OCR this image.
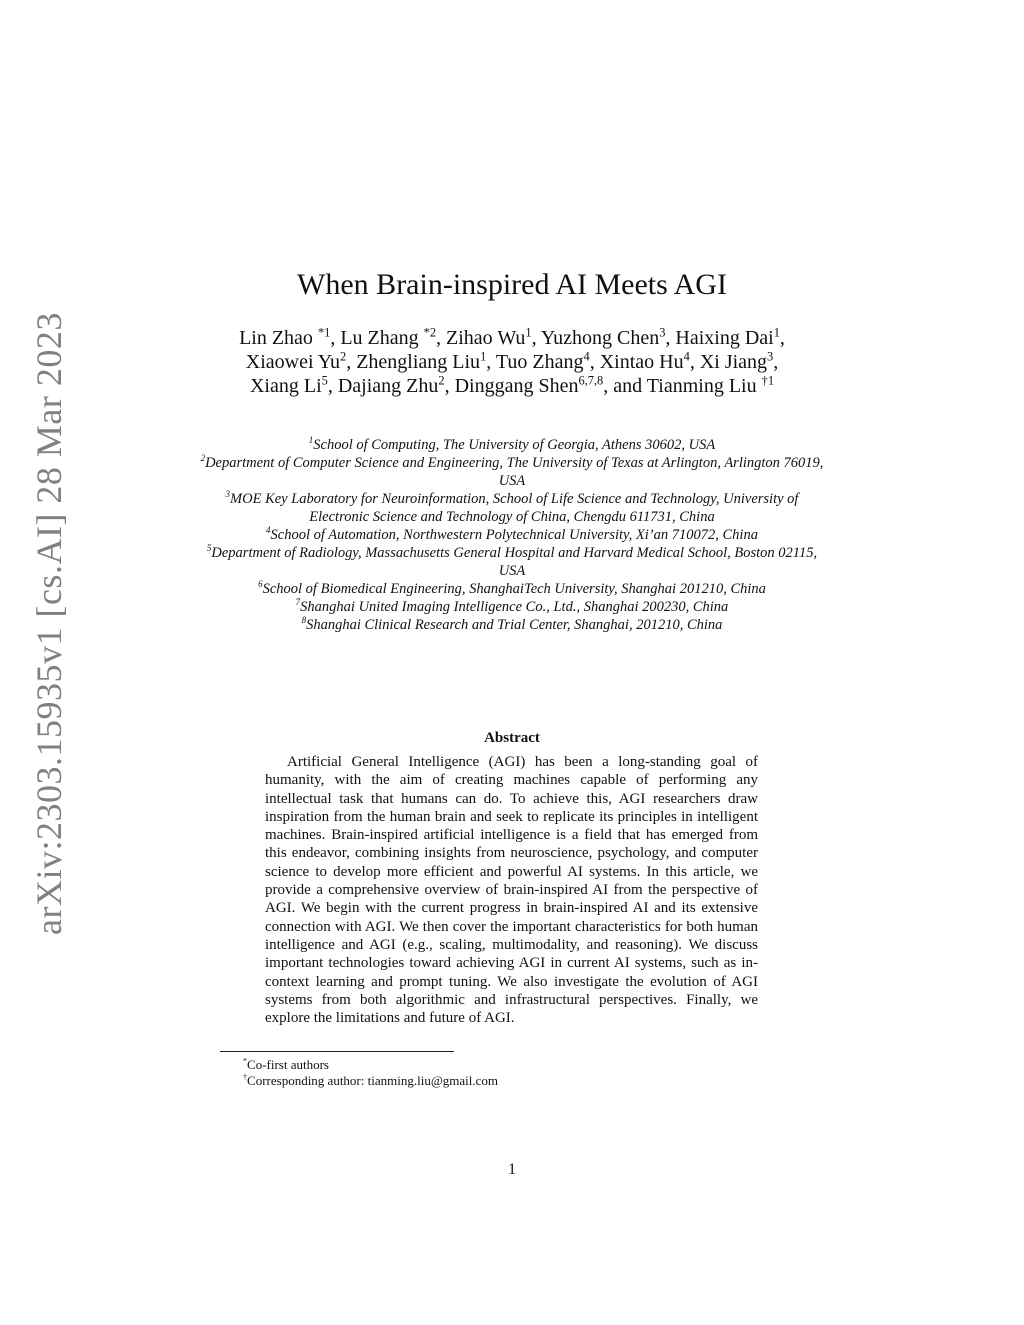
arXiv:2303.15935v1 [cs.AI] 28 Mar 2023
When Brain-inspired AI Meets AGI
Lin Zhao $^{*1}$, Lu Zhang $^{*2}$, Zihao Wu$^1$, Yuzhong Chen$^3$, Haixing Dai$^1$, Xiaowei Yu$^2$, Zhengliang Liu$^1$, Tuo Zhang$^4$, Xintao Hu$^4$, Xi Jiang$^3$, Xiang Li$^5$, Dajiang Zhu$^2$, Dinggang Shen$^{6,7,8}$, and Tianming Liu $^{\dagger 1}$
$^1$School of Computing, The University of Georgia, Athens 30602, USA
$^2$Department of Computer Science and Engineering, The University of Texas at Arlington, Arlington 76019, USA
$^3$MOE Key Laboratory for Neuroinformation, School of Life Science and Technology, University of Electronic Science and Technology of China, Chengdu 611731, China
$^4$School of Automation, Northwestern Polytechnical University, Xi’an 710072, China
$^5$Department of Radiology, Massachusetts General Hospital and Harvard Medical School, Boston 02115, USA
$^6$School of Biomedical Engineering, ShanghaiTech University, Shanghai 201210, China
$^7$Shanghai United Imaging Intelligence Co., Ltd., Shanghai 200230, China
$^8$Shanghai Clinical Research and Trial Center, Shanghai, 201210, China
Abstract
Artificial General Intelligence (AGI) has been a long-standing goal of humanity, with the aim of creating machines capable of performing any intellectual task that humans can do. To achieve this, AGI researchers draw inspiration from the human brain and seek to replicate its principles in intelligent machines. Brain-inspired artificial intelligence is a field that has emerged from this endeavor, combining insights from neuroscience, psychology, and computer science to develop more efficient and powerful AI systems. In this article, we provide a comprehensive overview of brain-inspired AI from the perspective of AGI. We begin with the current progress in brain-inspired AI and its extensive connection with AGI. We then cover the important characteristics for both human intelligence and AGI (e.g., scaling, multimodality, and reasoning). We discuss important technologies toward achieving AGI in current AI systems, such as in-context learning and prompt tuning. We also investigate the evolution of AGI systems from both algorithmic and infrastructural perspectives. Finally, we explore the limitations and future of AGI.
*Co-first authors
†Corresponding author: tianming.liu@gmail.com
1
